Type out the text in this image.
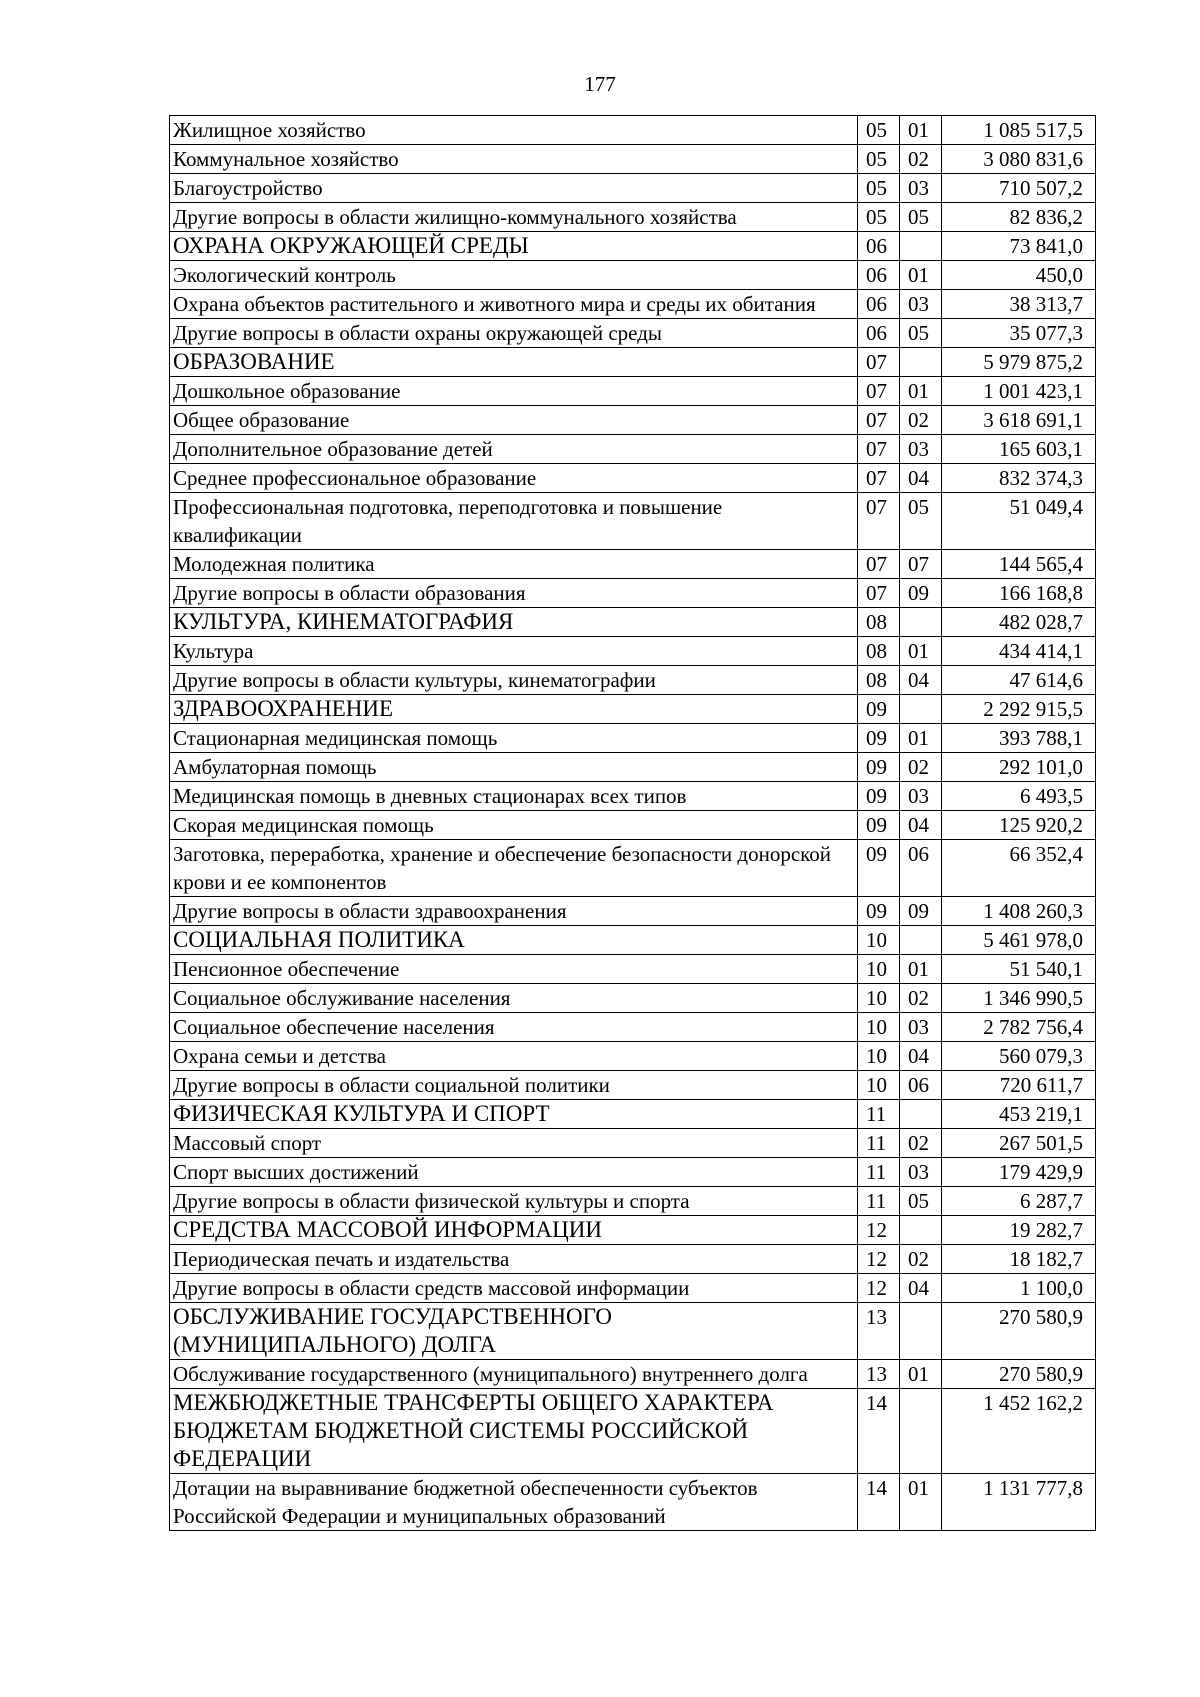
177
Жилищное хозяйство	05	01	1 085 517,5
Коммунальное хозяйство	05	02	3 080 831,6
Благоустройство	05	03	710 507,2
Другие вопросы в области жилищно-коммунального хозяйства	05	05	82 836,2
ОХРАНА ОКРУЖАЮЩЕЙ СРЕДЫ	06		73 841,0
Экологический контроль	06	01	450,0
Охрана объектов растительного и животного мира и среды их обитания	06	03	38 313,7
Другие вопросы в области охраны окружающей среды	06	05	35 077,3
ОБРАЗОВАНИЕ	07		5 979 875,2
Дошкольное образование	07	01	1 001 423,1
Общее образование	07	02	3 618 691,1
Дополнительное образование детей	07	03	165 603,1
Среднее профессиональное образование	07	04	832 374,3
Профессиональная подготовка, переподготовка и повышение квалификации	07	05	51 049,4
Молодежная политика	07	07	144 565,4
Другие вопросы в области образования	07	09	166 168,8
КУЛЬТУРА, КИНЕМАТОГРАФИЯ	08		482 028,7
Культура	08	01	434 414,1
Другие вопросы в области культуры, кинематографии	08	04	47 614,6
ЗДРАВООХРАНЕНИЕ	09		2 292 915,5
Стационарная медицинская помощь	09	01	393 788,1
Амбулаторная помощь	09	02	292 101,0
Медицинская помощь в дневных стационарах всех типов	09	03	6 493,5
Скорая медицинская помощь	09	04	125 920,2
Заготовка, переработка, хранение и обеспечение безопасности донорской крови и ее компонентов	09	06	66 352,4
Другие вопросы в области здравоохранения	09	09	1 408 260,3
СОЦИАЛЬНАЯ ПОЛИТИКА	10		5 461 978,0
Пенсионное обеспечение	10	01	51 540,1
Социальное обслуживание населения	10	02	1 346 990,5
Социальное обеспечение населения	10	03	2 782 756,4
Охрана семьи и детства	10	04	560 079,3
Другие вопросы в области социальной политики	10	06	720 611,7
ФИЗИЧЕСКАЯ КУЛЬТУРА И СПОРТ	11		453 219,1
Массовый спорт	11	02	267 501,5
Спорт высших достижений	11	03	179 429,9
Другие вопросы в области физической культуры и спорта	11	05	6 287,7
СРЕДСТВА МАССОВОЙ ИНФОРМАЦИИ	12		19 282,7
Периодическая печать и издательства	12	02	18 182,7
Другие вопросы в области средств массовой информации	12	04	1 100,0
ОБСЛУЖИВАНИЕ ГОСУДАРСТВЕННОГО (МУНИЦИПАЛЬНОГО) ДОЛГА	13		270 580,9
Обслуживание государственного (муниципального) внутреннего долга	13	01	270 580,9
МЕЖБЮДЖЕТНЫЕ ТРАНСФЕРТЫ ОБЩЕГО ХАРАКТЕРА БЮДЖЕТАМ БЮДЖЕТНОЙ СИСТЕМЫ РОССИЙСКОЙ ФЕДЕРАЦИИ	14		1 452 162,2
Дотации на выравнивание бюджетной обеспеченности субъектов Российской Федерации и муниципальных образований	14	01	1 131 777,8
